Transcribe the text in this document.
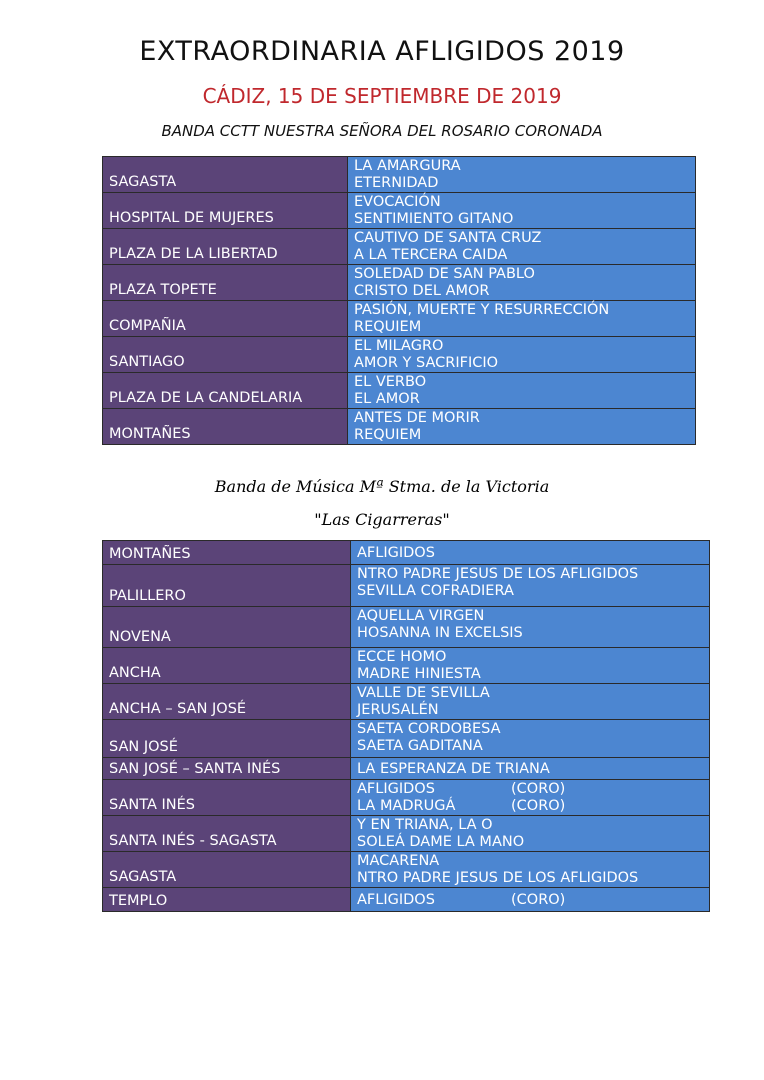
EXTRAORDINARIA AFLIGIDOS 2019
CÁDIZ, 15 DE SEPTIEMBRE DE 2019
BANDA CCTT NUESTRA SEÑORA DEL ROSARIO CORONADA
SAGASTA	LA AMARGURA
ETERNIDAD

HOSPITAL DE MUJERES	EVOCACIÓN
SENTIMIENTO GITANO

PLAZA DE LA LIBERTAD	CAUTIVO DE SANTA CRUZ
A LA TERCERA CAIDA

PLAZA TOPETE	SOLEDAD DE SAN PABLO
CRISTO DEL AMOR

COMPAÑIA	PASIÓN, MUERTE Y RESURRECCIÓN
REQUIEM

SANTIAGO	EL MILAGRO
AMOR Y SACRIFICIO

PLAZA DE LA CANDELARIA	EL VERBO
EL AMOR

MONTAÑES	ANTES DE MORIR
REQUIEM
Banda de Música Mª Stma. de la Victoria
"Las Cigarreras"
MONTAÑES	AFLIGIDOS

PALILLERO	NTRO PADRE JESUS DE LOS AFLIGIDOS
SEVILLA COFRADIERA

NOVENA	AQUELLA VIRGEN
HOSANNA IN EXCELSIS

ANCHA	ECCE HOMO
MADRE HINIESTA

ANCHA – SAN JOSÉ	VALLE DE SEVILLA
JERUSALÉN

SAN JOSÉ	SAETA CORDOBESA
SAETA GADITANA

SAN JOSÉ – SANTA INÉS	LA ESPERANZA DE TRIANA

SANTA INÉS	AFLIGIDOS (CORO)
LA MADRUGÁ (CORO)

SANTA INÉS - SAGASTA	Y EN TRIANA, LA O
SOLEÁ DAME LA MANO

SAGASTA	MACARENA
NTRO PADRE JESUS DE LOS AFLIGIDOS

TEMPLO	AFLIGIDOS (CORO)
